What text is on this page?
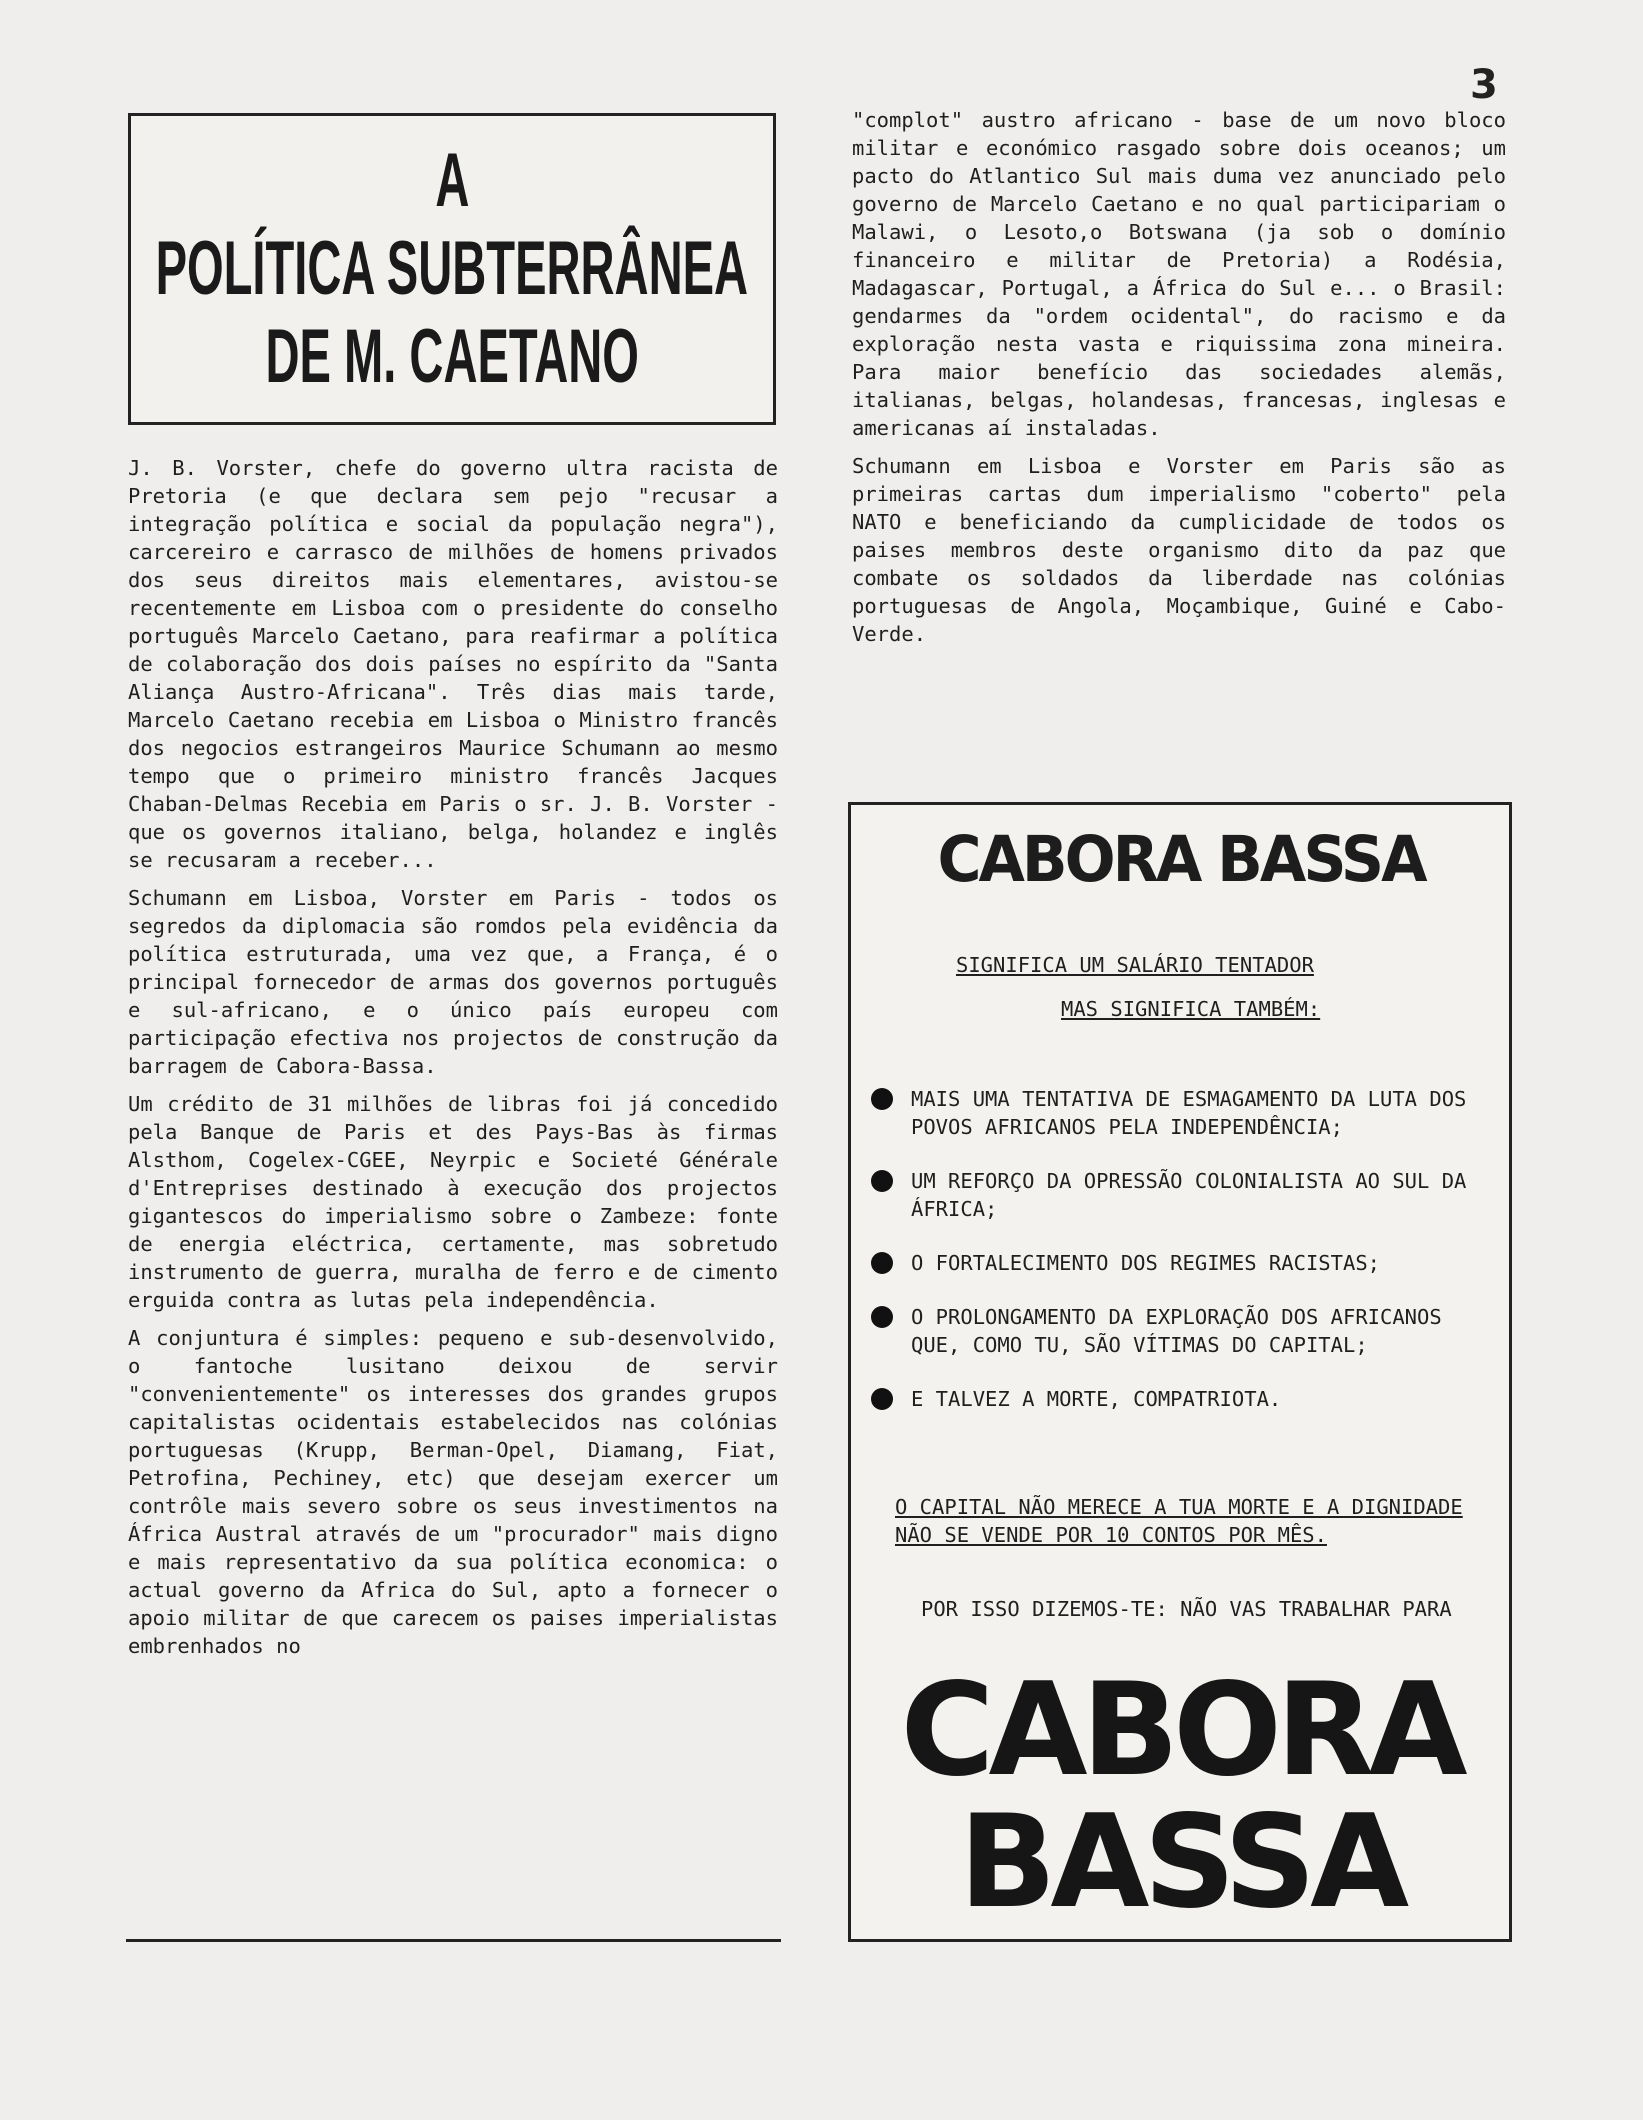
3
A
POLÍTICA SUBTERRÂNEA
DE M. CAETANO

J. B. Vorster, chefe do governo ultra racista de Pretoria (e que declara sem pejo "recusar a integração política e social da população negra"), carcereiro e carrasco de milhões de homens privados dos seus direitos mais elementares, avistou-se recentemente em Lisboa com o presidente do conselho português Marcelo Caetano, para reafirmar a política de colaboração dos dois países no espírito da "Santa Aliança Austro-Africana". Três dias mais tarde, Marcelo Caetano recebia em Lisboa o Ministro francês dos negocios estrangeiros Maurice Schumann ao mesmo tempo que o primeiro ministro francês Jacques Chaban-Delmas Recebia em Paris o sr. J. B. Vorster - que os governos italiano, belga, holandez e inglês se recusaram a receber...

Schumann em Lisboa, Vorster em Paris - todos os segredos da diplomacia são romdos pela evidência da política estruturada, uma vez que, a França, é o principal fornecedor de armas dos governos português e sul-africano, e o único país europeu com participação efectiva nos projectos de construção da barragem de Cabora-Bassa.

Um crédito de 31 milhões de libras foi já concedido pela Banque de Paris et des Pays-Bas às firmas Alsthom, Cogelex-CGEE, Neyrpic e Societé Générale d'Entreprises destinado à execução dos projectos gigantescos do imperialismo sobre o Zambeze: fonte de energia eléctrica, certamente, mas sobretudo instrumento de guerra, muralha de ferro e de cimento erguida contra as lutas pela independência.

A conjuntura é simples: pequeno e sub-desenvolvido, o fantoche lusitano deixou de servir "convenientemente" os interesses dos grandes grupos capitalistas ocidentais estabelecidos nas colónias portuguesas (Krupp, Berman-Opel, Diamang, Fiat, Petrofina, Pechiney, etc) que desejam exercer um contrôle mais severo sobre os seus investimentos na África Austral através de um "procurador" mais digno e mais representativo da sua política economica: o actual governo da Africa do Sul, apto a fornecer o apoio militar de que carecem os paises imperialistas embrenhados no

"complot" austro africano - base de um novo bloco militar e económico rasgado sobre dois oceanos; um pacto do Atlantico Sul mais duma vez anunciado pelo governo de Marcelo Caetano e no qual participariam o Malawi, o Lesoto,o Botswana (ja sob o domínio financeiro e militar de Pretoria) a Rodésia, Madagascar, Portugal, a África do Sul e... o Brasil: gendarmes da "ordem ocidental", do racismo e da exploração nesta vasta e riquissima zona mineira. Para maior benefício das sociedades alemãs, italianas, belgas, holandesas, francesas, inglesas e americanas aí instaladas.

Schumann em Lisboa e Vorster em Paris são as primeiras cartas dum imperialismo "coberto" pela NATO e beneficiando da cumplicidade de todos os paises membros deste organismo dito da paz que combate os soldados da liberdade nas colónias portuguesas de Angola, Moçambique, Guiné e Cabo-Verde.

CABORA BASSA
SIGNIFICA UM SALÁRIO TENTADOR
MAS SIGNIFICA TAMBÉM:
MAIS UMA TENTATIVA DE ESMAGAMENTO DA LUTA DOS POVOS AFRICANOS PELA INDEPENDÊNCIA;
UM REFORÇO DA OPRESSÃO COLONIALISTA AO SUL DA ÁFRICA;
O FORTALECIMENTO DOS REGIMES RACISTAS;
O PROLONGAMENTO DA EXPLORAÇÃO DOS AFRICANOS QUE, COMO TU, SÃO VÍTIMAS DO CAPITAL;
E TALVEZ A MORTE, COMPATRIOTA.
O CAPITAL NÃO MERECE A TUA MORTE E A DIGNIDADE NÃO SE VENDE POR 10 CONTOS POR MÊS.
POR ISSO DIZEMOS-TE: NÃO VAS TRABALHAR PARA
CABORA
BASSA
